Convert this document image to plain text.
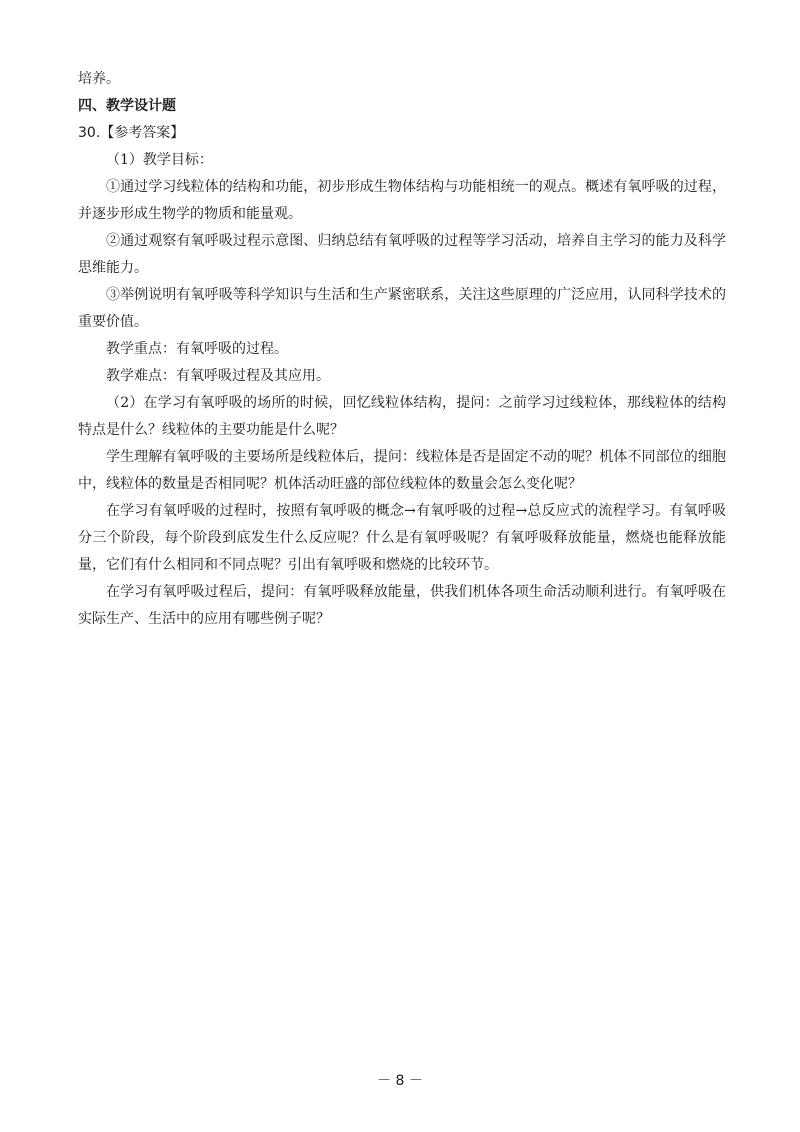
培养。

四、教学设计题

30.【参考答案】

（1）教学目标：

①通过学习线粒体的结构和功能，初步形成生物体结构与功能相统一的观点。概述有氧呼吸的过程，并逐步形成生物学的物质和能量观。

②通过观察有氧呼吸过程示意图、归纳总结有氧呼吸的过程等学习活动，培养自主学习的能力及科学思维能力。

③举例说明有氧呼吸等科学知识与生活和生产紧密联系，关注这些原理的广泛应用，认同科学技术的重要价值。

教学重点：有氧呼吸的过程。

教学难点：有氧呼吸过程及其应用。

（2）在学习有氧呼吸的场所的时候，回忆线粒体结构，提问：之前学习过线粒体，那线粒体的结构特点是什么？线粒体的主要功能是什么呢？

学生理解有氧呼吸的主要场所是线粒体后，提问：线粒体是否是固定不动的呢？机体不同部位的细胞中，线粒体的数量是否相同呢？机体活动旺盛的部位线粒体的数量会怎么变化呢？

在学习有氧呼吸的过程时，按照有氧呼吸的概念→有氧呼吸的过程→总反应式的流程学习。有氧呼吸分三个阶段，每个阶段到底发生什么反应呢？什么是有氧呼吸呢？有氧呼吸释放能量，燃烧也能释放能量，它们有什么相同和不同点呢？引出有氧呼吸和燃烧的比较环节。

在学习有氧呼吸过程后，提问：有氧呼吸释放能量，供我们机体各项生命活动顺利进行。有氧呼吸在实际生产、生活中的应用有哪些例子呢？

－ 8 －
